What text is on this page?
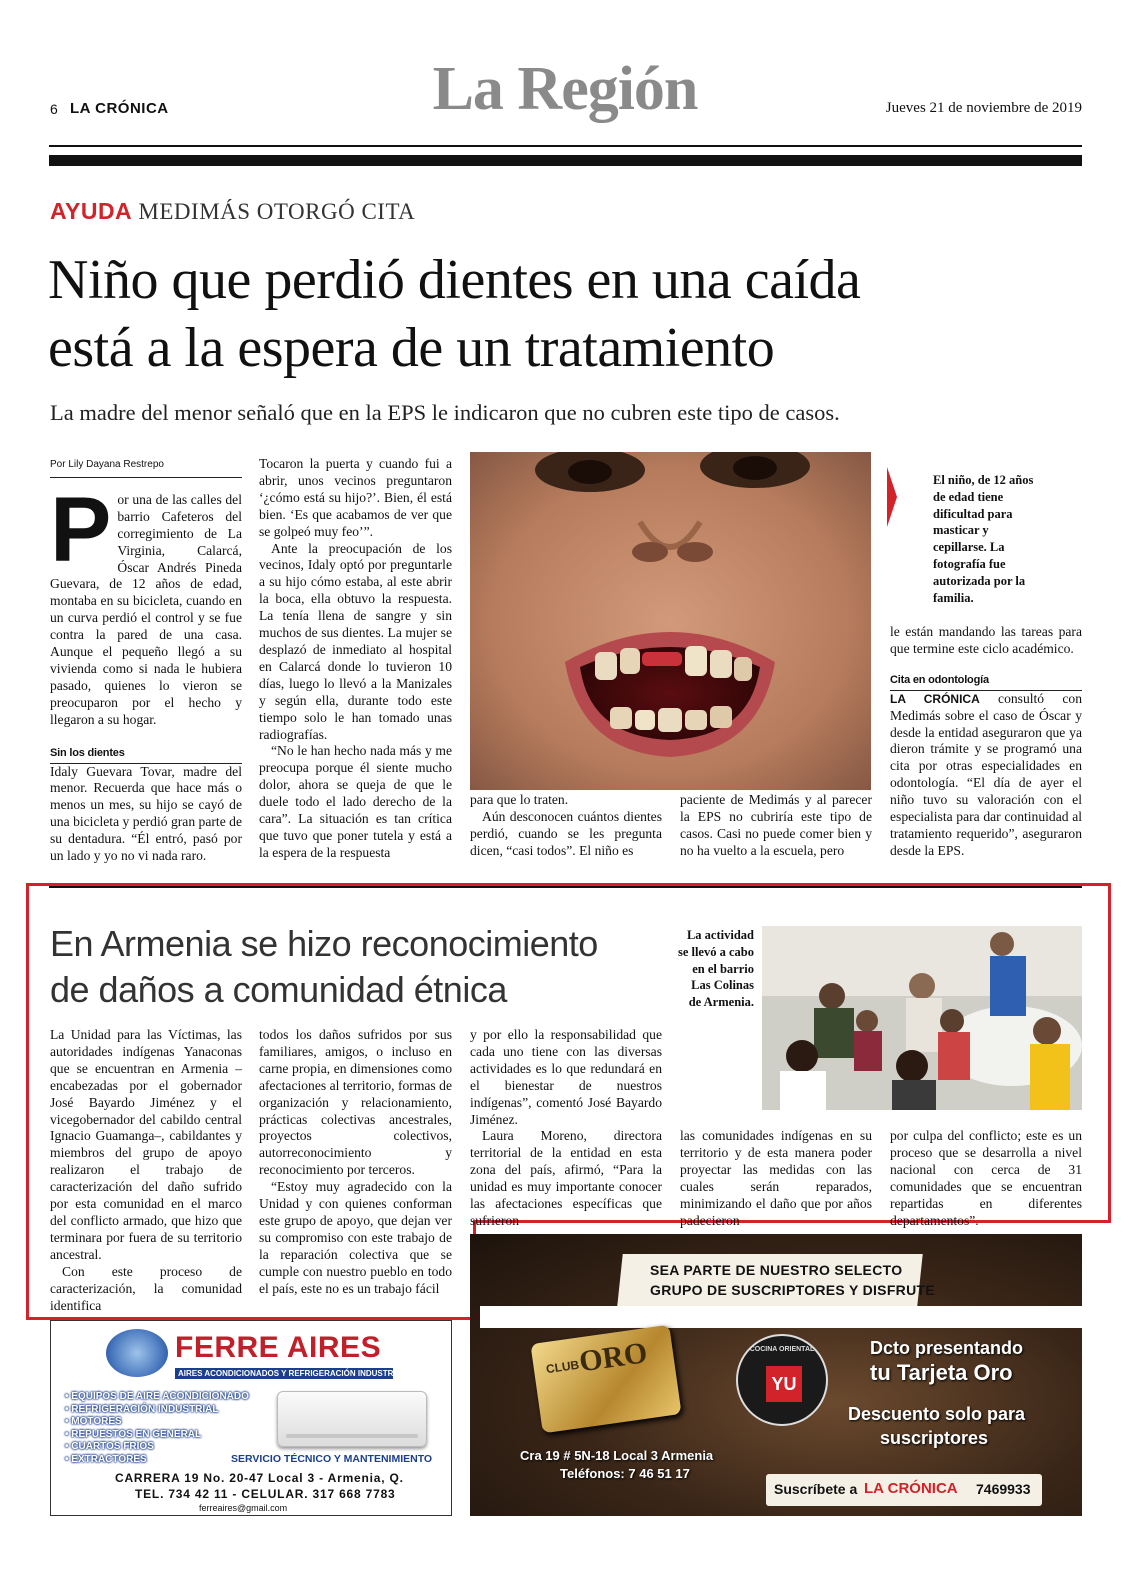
6 LA CRÓNICA	La Región	Jueves 21 de noviembre de 2019
AYUDA MEDIMÁS OTORGÓ CITA
Niño que perdió dientes en una caída
está a la espera de un tratamiento
La madre del menor señaló que en la EPS le indicaron que no cubren este tipo de casos.
Por Lily Dayana Restrepo

Por una de las calles del barrio Cafeteros del corregimiento de La Virginia, Calarcá, Óscar Andrés Pineda Guevara, de 12 años de edad, montaba en su bicicleta, cuando en un curva perdió el control y se fue contra la pared de una casa. Aunque el pequeño llegó a su vivienda como si nada le hubiera pasado, quienes lo vieron se preocuparon por el hecho y llegaron a su hogar.

Sin los dientes

Idaly Guevara Tovar, madre del menor. Recuerda que hace más o menos un mes, su hijo se cayó de una bicicleta y perdió gran parte de su dentadura. “Él entró, pasó por un lado y yo no vi nada raro.

Tocaron la puerta y cuando fui a abrir, unos vecinos preguntaron ‘¿cómo está su hijo?’. Bien, él está bien. ‘Es que acabamos de ver que se golpeó muy feo’”.

Ante la preocupación de los vecinos, Idaly optó por preguntarle a su hijo cómo estaba, al este abrir la boca, ella obtuvo la respuesta. La tenía llena de sangre y sin muchos de sus dientes. La mujer se desplazó de inmediato al hospital en Calarcá donde lo tuvieron 10 días, luego lo llevó a la Manizales y según ella, durante todo este tiempo solo le han tomado unas radiografías.

“No le han hecho nada más y me preocupa porque él siente mucho dolor, ahora se queja de que le duele todo el lado derecho de la cara”. La situación es tan crítica que tuvo que poner tutela y está a la espera de la respuesta

El niño, de 12 años de edad tiene dificultad para masticar y cepillarse. La fotografía fue autorizada por la familia.

para que lo traten.

Aún desconocen cuántos dientes perdió, cuando se les pregunta dicen, “casi todos”. El niño es

paciente de Medimás y al parecer la EPS no cubriría este tipo de casos. Casi no puede comer bien y no ha vuelto a la escuela, pero

le están mandando las tareas para que termine este ciclo académico.

Cita en odontología

LA CRÓNICA consultó con Medimás sobre el caso de Óscar y desde la entidad aseguraron que ya dieron trámite y se programó una cita por otras especialidades en odontología. “El día de ayer el niño tuvo su valoración con el especialista para dar continuidad al tratamiento requerido”, aseguraron desde la EPS.

En Armenia se hizo reconocimiento
de daños a comunidad étnica
La actividad se llevó a cabo en el barrio Las Colinas de Armenia.

La Unidad para las Víctimas, las autoridades indígenas Yanaconas que se encuentran en Armenia –encabezadas por el gobernador José Bayardo Jiménez y el vicegobernador del cabildo central Ignacio Guamanga–, cabildantes y miembros del grupo de apoyo realizaron el trabajo de caracterización del daño sufrido por esta comunidad en el marco del conflicto armado, que hizo que terminara por fuera de su territorio ancestral.

Con este proceso de caracterización, la comunidad identifica

todos los daños sufridos por sus familiares, amigos, o incluso en carne propia, en dimensiones como afectaciones al territorio, formas de organización y relacionamiento, prácticas colectivas ancestrales, proyectos colectivos, autorreconocimiento y reconocimiento por terceros.

“Estoy muy agradecido con la Unidad y con quienes conforman este grupo de apoyo, que dejan ver su compromiso con este trabajo de la reparación colectiva que se cumple con nuestro pueblo en todo el país, este no es un trabajo fácil

y por ello la responsabilidad que cada uno tiene con las diversas actividades es lo que redundará en el bienestar de nuestros indígenas”, comentó José Bayardo Jiménez.

Laura Moreno, directora territorial de la entidad en esta zona del país, afirmó, “Para la unidad es muy importante conocer las afectaciones específicas que sufrieron

las comunidades indígenas en su territorio y de esta manera poder proyectar las medidas con las cuales serán reparados, minimizando el daño que por años padecieron

por culpa del conflicto; este es un proceso que se desarrolla a nivel nacional con cerca de 31 comunidades que se encuentran repartidas en diferentes departamentos”.

FERRE AIRES
AIRES ACONDICIONADOS Y REFRIGERACIÓN INDUSTRIAL
• EQUIPOS DE AIRE ACONDICIONADO
• REFRIGERACIÓN INDUSTRIAL
• MOTORES
• REPUESTOS EN GENERAL
• CUARTOS FRIOS
• EXTRACTORES	SERVICIO TÉCNICO Y MANTENIMIENTO
CARRERA 19 No. 20-47 Local 3 - Armenia, Q.
TEL. 734 42 11 - CELULAR. 317 668 7783
ferreaires@gmail.com
SEA PARTE DE NUESTRO SELECTO
GRUPO DE SUSCRIPTORES Y DISFRUTE
CLUB
ORO	COCINA ORIENTAL
YU
Dcto presentando
tu Tarjeta Oro
Descuento solo para
suscriptores
Cra 19 # 5N-18 Local 3 Armenia
Teléfonos: 7 46 51 17
Suscríbete a LA CRÓNICA 7469933
